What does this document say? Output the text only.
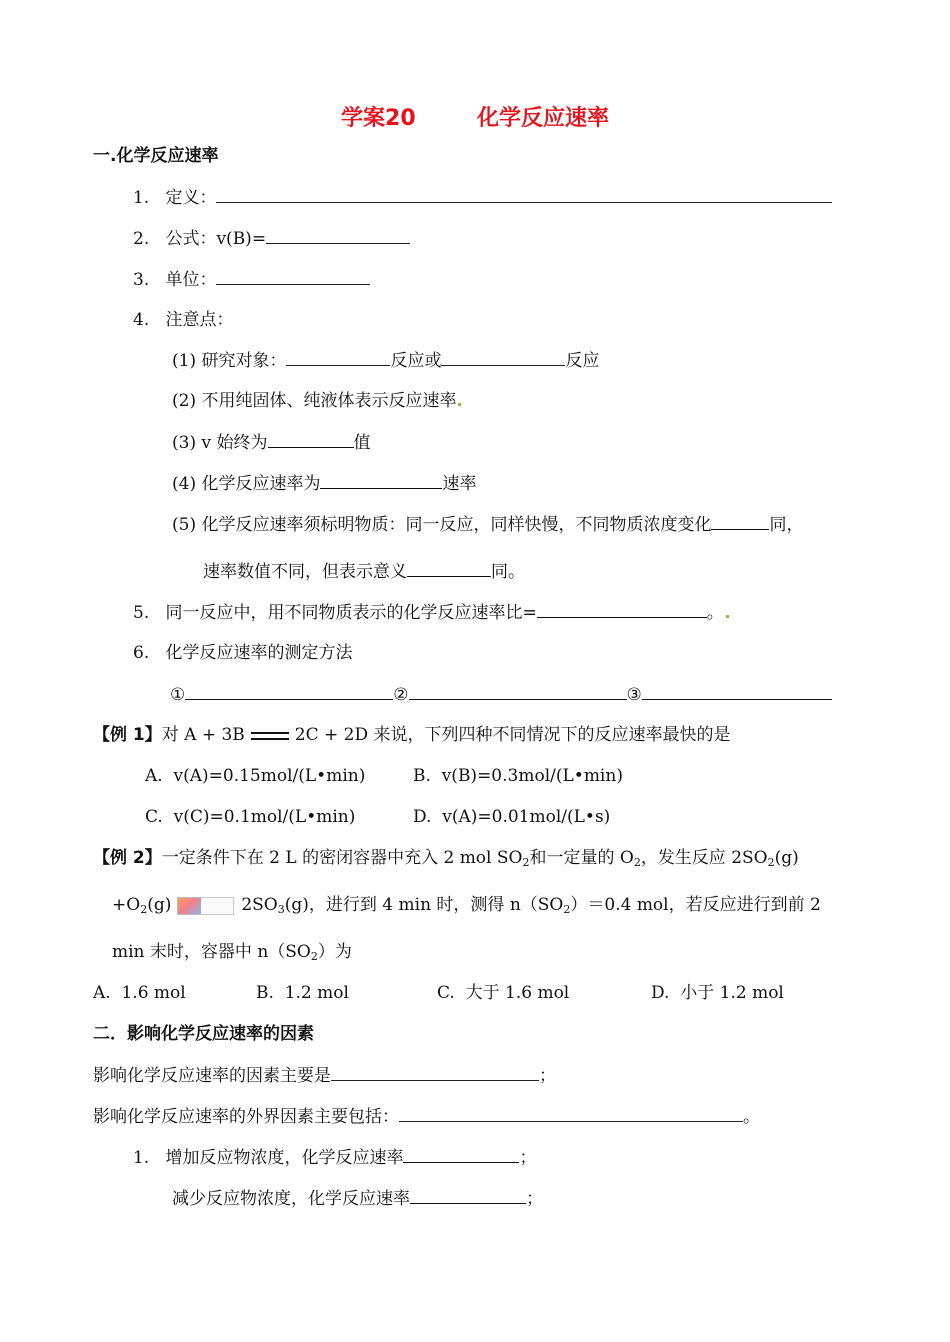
学案20	化学反应速率
一.化学反应速率
1. 定义：
2. 公式：v(B)=
3. 单位：
4. 注意点：
(1) 研究对象：	反应或	反应
(2) 不用纯固体、纯液体表示反应速率
(3) v 始终为	值
(4) 化学反应速率为	速率
(5) 化学反应速率须标明物质：同一反应，同样快慢，不同物质浓度变化	同，
速率数值不同，但表示意义	同。
5. 同一反应中，用不同物质表示的化学反应速率比=	。
6. 化学反应速率的测定方法
①	②	③
【例 1】对 A + 3B	2C + 2D 来说，下列四种不同情况下的反应速率最快的是
A.  v(A)=0.15mol/(L•min)	B.  v(B)=0.3mol/(L•min)
C.  v(C)=0.1mol/(L•min)	D.  v(A)=0.01mol/(L•s)
【例 2】一定条件下在 2 L 的密闭容器中充入 2 mol $SO_2$和一定量的 $O_2$，发生反应 $2SO_2(g)$
$+O_2(g)$	$2SO_3(g)$，进行到 4 min 时，测得 $n(SO_2)=0.4$ mol，若反应进行到前 2
min 末时，容器中 $n(SO_2)$为
A.  1.6 mol	B.  1.2 mol	C.  大于 1.6 mol	D.  小于 1.2 mol
二．影响化学反应速率的因素
影响化学反应速率的因素主要是	；
影响化学反应速率的外界因素主要包括：	。
1. 增加反应物浓度，化学反应速率	；
减少反应物浓度，化学反应速率	；
